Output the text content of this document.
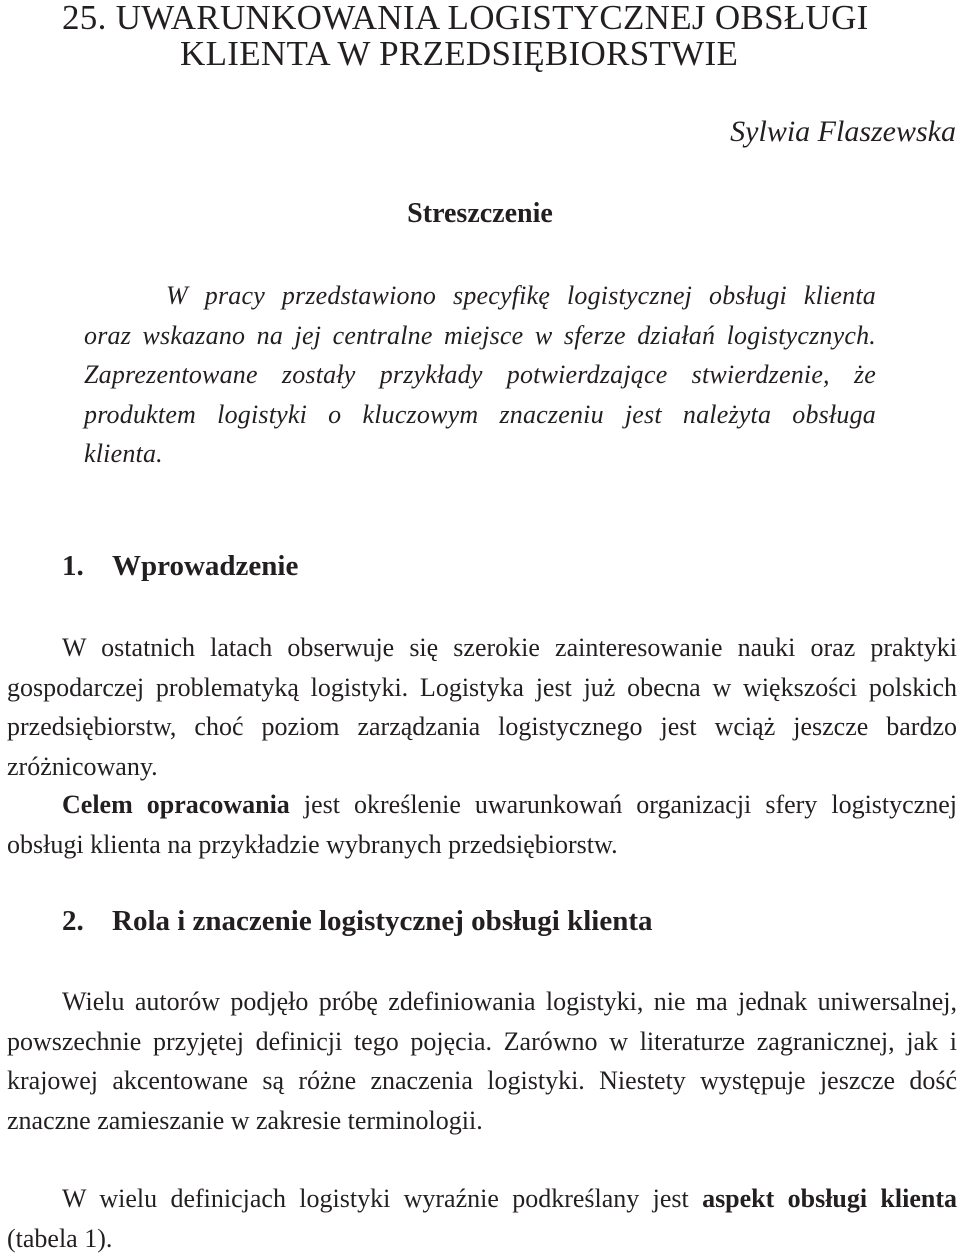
25. UWARUNKOWANIA LOGISTYCZNEJ OBSŁUGI
KLIENTA W PRZEDSIĘBIORSTWIE

Sylwia Flaszewska

Streszczenie

W pracy przedstawiono specyfikę logistycznej obsługi klienta oraz wskazano na jej centralne miejsce w sferze działań logistycznych. Zaprezentowane zostały przykłady potwierdzające stwierdzenie, że produktem logistyki o kluczowym znaczeniu jest należyta obsługa klienta.

1. Wprowadzenie

W ostatnich latach obserwuje się szerokie zainteresowanie nauki oraz praktyki gospodarczej problematyką logistyki. Logistyka jest już obecna w większości polskich przedsiębiorstw, choć poziom zarządzania logistycznego jest wciąż jeszcze bardzo zróżnicowany.

Celem opracowania jest określenie uwarunkowań organizacji sfery logistycznej obsługi klienta na przykładzie wybranych przedsiębiorstw.

2. Rola i znaczenie logistycznej obsługi klienta

Wielu autorów podjęło próbę zdefiniowania logistyki, nie ma jednak uniwersalnej, powszechnie przyjętej definicji tego pojęcia. Zarówno w literaturze zagranicznej, jak i krajowej akcentowane są różne znaczenia logistyki. Niestety występuje jeszcze dość znaczne zamieszanie w zakresie terminologii.

W wielu definicjach logistyki wyraźnie podkreślany jest aspekt obsługi klienta (tabela 1).
